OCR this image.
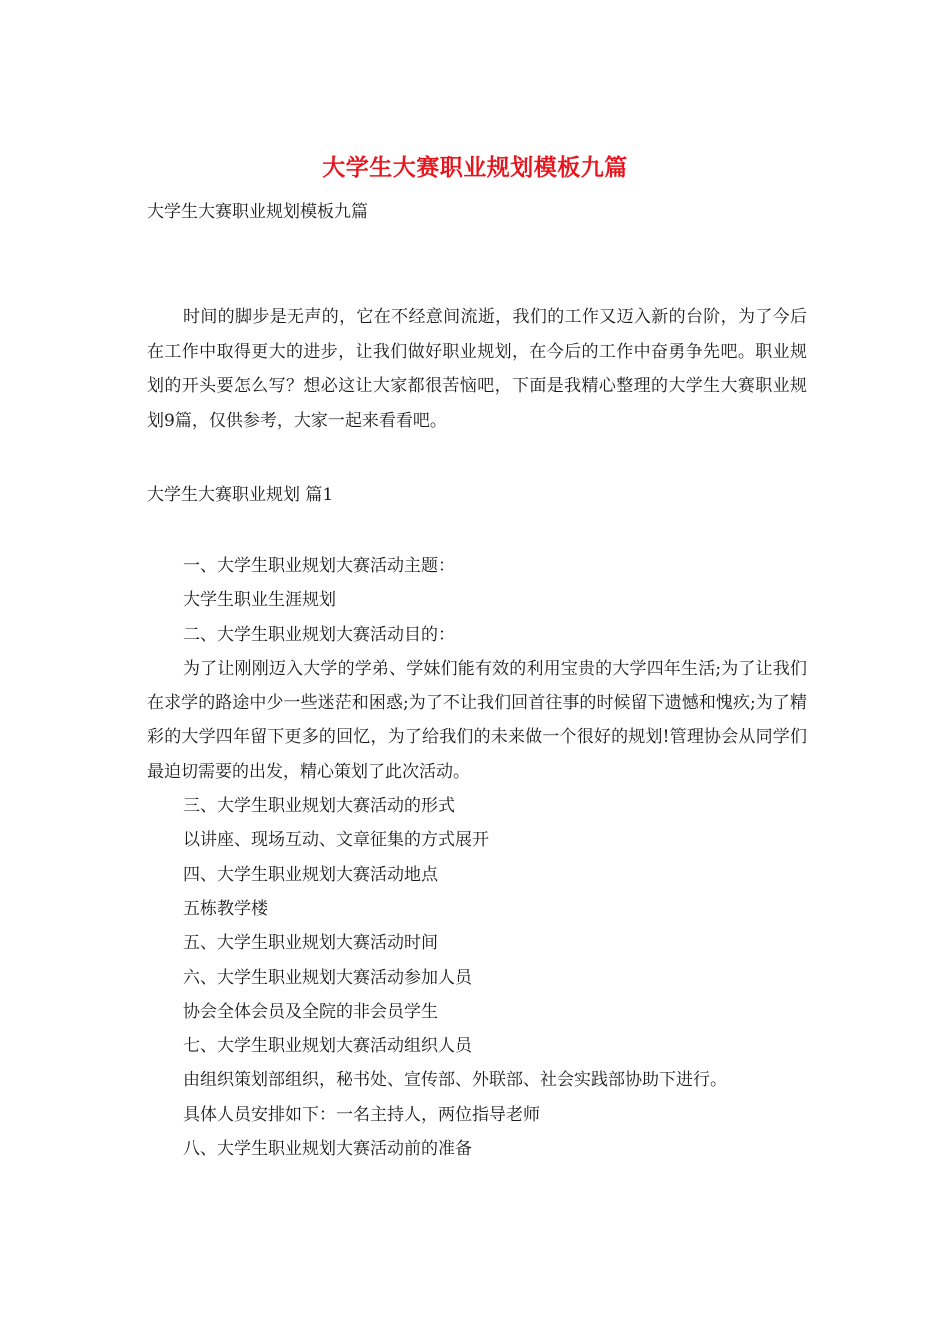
大学生大赛职业规划模板九篇
大学生大赛职业规划模板九篇
时间的脚步是无声的，它在不经意间流逝，我们的工作又迈入新的台阶，为了今后在工作中取得更大的进步，让我们做好职业规划，在今后的工作中奋勇争先吧。职业规划的开头要怎么写？想必这让大家都很苦恼吧，下面是我精心整理的大学生大赛职业规划9篇，仅供参考，大家一起来看看吧。
大学生大赛职业规划 篇1
一、大学生职业规划大赛活动主题：
大学生职业生涯规划
二、大学生职业规划大赛活动目的：
为了让刚刚迈入大学的学弟、学妹们能有效的利用宝贵的大学四年生活;为了让我们在求学的路途中少一些迷茫和困惑;为了不让我们回首往事的时候留下遗憾和愧疚;为了精彩的大学四年留下更多的回忆，为了给我们的未来做一个很好的规划!管理协会从同学们最迫切需要的出发，精心策划了此次活动。
三、大学生职业规划大赛活动的形式
以讲座、现场互动、文章征集的方式展开
四、大学生职业规划大赛活动地点
五栋教学楼
五、大学生职业规划大赛活动时间
六、大学生职业规划大赛活动参加人员
协会全体会员及全院的非会员学生
七、大学生职业规划大赛活动组织人员
由组织策划部组织，秘书处、宣传部、外联部、社会实践部协助下进行。
具体人员安排如下：一名主持人，两位指导老师
八、大学生职业规划大赛活动前的准备
